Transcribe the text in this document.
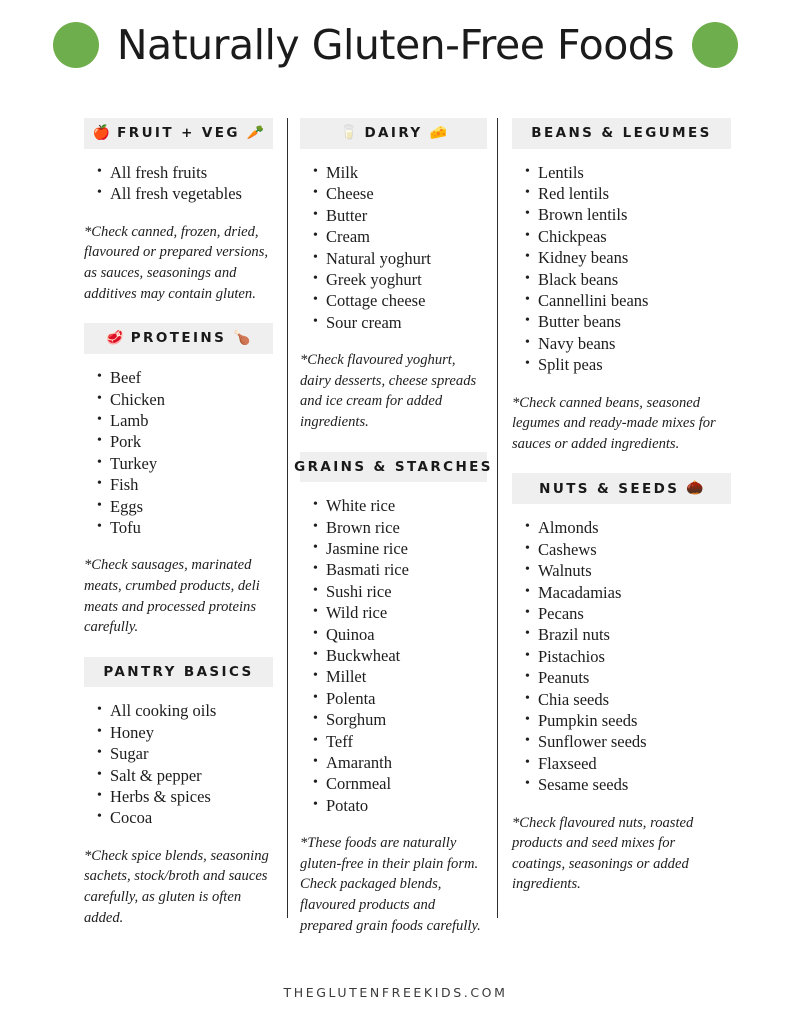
Naturally Gluten-Free Foods
🍎 FRUIT + VEG 🥕
• All fresh fruits
• All fresh vegetables
*Check canned, frozen, dried, flavoured or prepared versions, as sauces, seasonings and additives may contain gluten.
🥩 PROTEINS 🍗
• Beef
• Chicken
• Lamb
• Pork
• Turkey
• Fish
• Eggs
• Tofu
*Check sausages, marinated meats, crumbed products, deli meats and processed proteins carefully.
PANTRY BASICS
• All cooking oils
• Honey
• Sugar
• Salt & pepper
• Herbs & spices
• Cocoa
*Check spice blends, seasoning sachets, stock/broth and sauces carefully, as gluten is often added.
🥛 DAIRY 🧀
• Milk
• Cheese
• Butter
• Cream
• Natural yoghurt
• Greek yoghurt
• Cottage cheese
• Sour cream
*Check flavoured yoghurt, dairy desserts, cheese spreads and ice cream for added ingredients.
GRAINS & STARCHES
• White rice
• Brown rice
• Jasmine rice
• Basmati rice
• Sushi rice
• Wild rice
• Quinoa
• Buckwheat
• Millet
• Polenta
• Sorghum
• Teff
• Amaranth
• Cornmeal
• Potato
*These foods are naturally gluten-free in their plain form. Check packaged blends, flavoured products and prepared grain foods carefully.
BEANS & LEGUMES
• Lentils
• Red lentils
• Brown lentils
• Chickpeas
• Kidney beans
• Black beans
• Cannellini beans
• Butter beans
• Navy beans
• Split peas
*Check canned beans, seasoned legumes and ready-made mixes for sauces or added ingredients.
NUTS & SEEDS 🌰
• Almonds
• Cashews
• Walnuts
• Macadamias
• Pecans
• Brazil nuts
• Pistachios
• Peanuts
• Chia seeds
• Pumpkin seeds
• Sunflower seeds
• Flaxseed
• Sesame seeds
*Check flavoured nuts, roasted products and seed mixes for coatings, seasonings or added ingredients.
THEGLUTENFREEKIDS.COM
